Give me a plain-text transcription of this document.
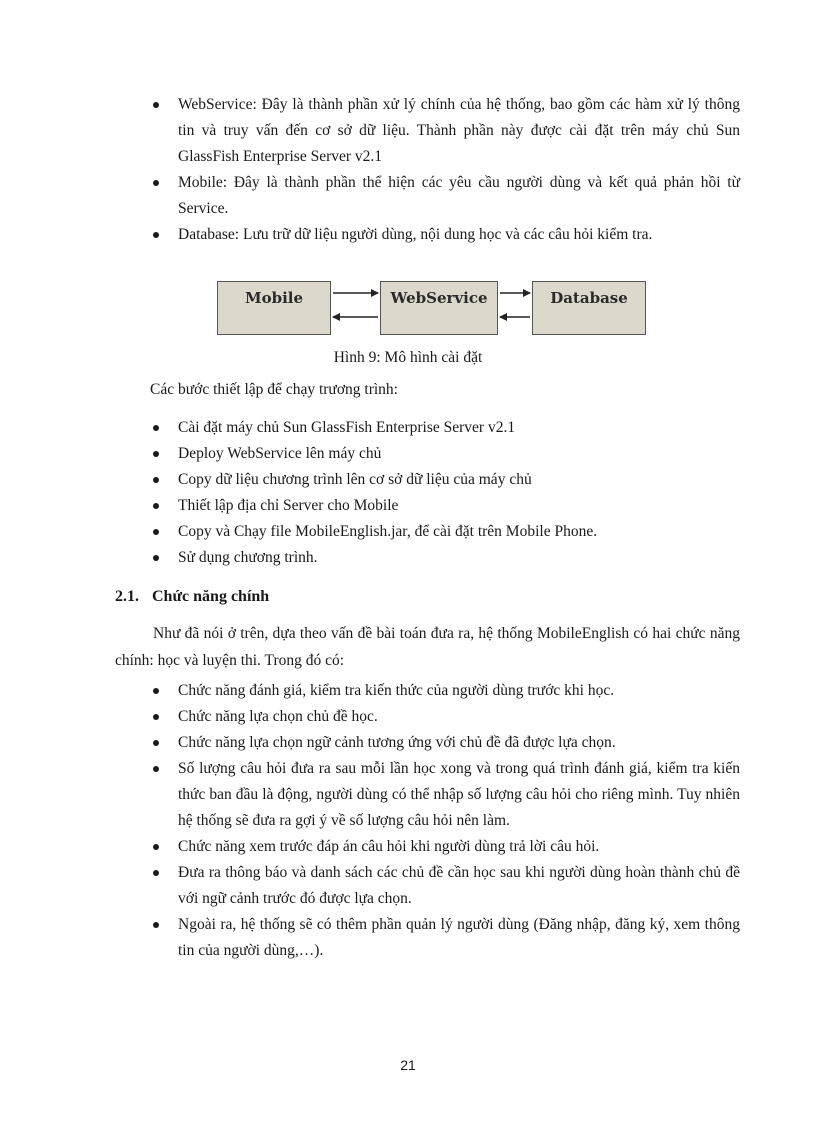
WebService: Đây là thành phần xử lý chính của hệ thống, bao gồm các hàm xử lý thông tin và truy vấn đến cơ sở dữ liệu. Thành phần này được cài đặt trên máy chủ Sun GlassFish Enterprise Server v2.1
Mobile: Đây là thành phần thể hiện các yêu cầu người dùng và kết quả phản hồi từ Service.
Database: Lưu trữ dữ liệu người dùng, nội dung học và các câu hỏi kiểm tra.
Mobile	WebService	Database
Hình 9: Mô hình cài đặt
Các bước thiết lập để chạy trương trình:
Cài đặt máy chủ Sun GlassFish Enterprise Server v2.1
Deploy WebService lên máy chủ
Copy dữ liệu chương trình lên cơ sở dữ liệu của máy chủ
Thiết lập địa chỉ Server cho Mobile
Copy và Chạy file MobileEnglish.jar, để cài đặt trên Mobile Phone.
Sử dụng chương trình.
2.1. Chức năng chính
Như đã nói ở trên, dựa theo vấn đề bài toán đưa ra, hệ thống MobileEnglish có hai chức năng chính: học và luyện thi. Trong đó có:
Chức năng đánh giá, kiểm tra kiến thức của người dùng trước khi học.
Chức năng lựa chọn chủ đề học.
Chức năng lựa chọn ngữ cảnh tương ứng với chủ đề đã được lựa chọn.
Số lượng câu hỏi đưa ra sau mỗi lần học xong và trong quá trình đánh giá, kiểm tra kiến thức ban đầu là động, người dùng có thể nhập số lượng câu hỏi cho riêng mình. Tuy nhiên hệ thống sẽ đưa ra gợi ý về số lượng câu hỏi nên làm.
Chức năng xem trước đáp án câu hỏi khi người dùng trả lời câu hỏi.
Đưa ra thông báo và danh sách các chủ đề cần học sau khi người dùng hoàn thành chủ đề với ngữ cảnh trước đó được lựa chọn.
Ngoài ra, hệ thống sẽ có thêm phần quản lý người dùng (Đăng nhập, đăng ký, xem thông tin của người dùng,…).
21
